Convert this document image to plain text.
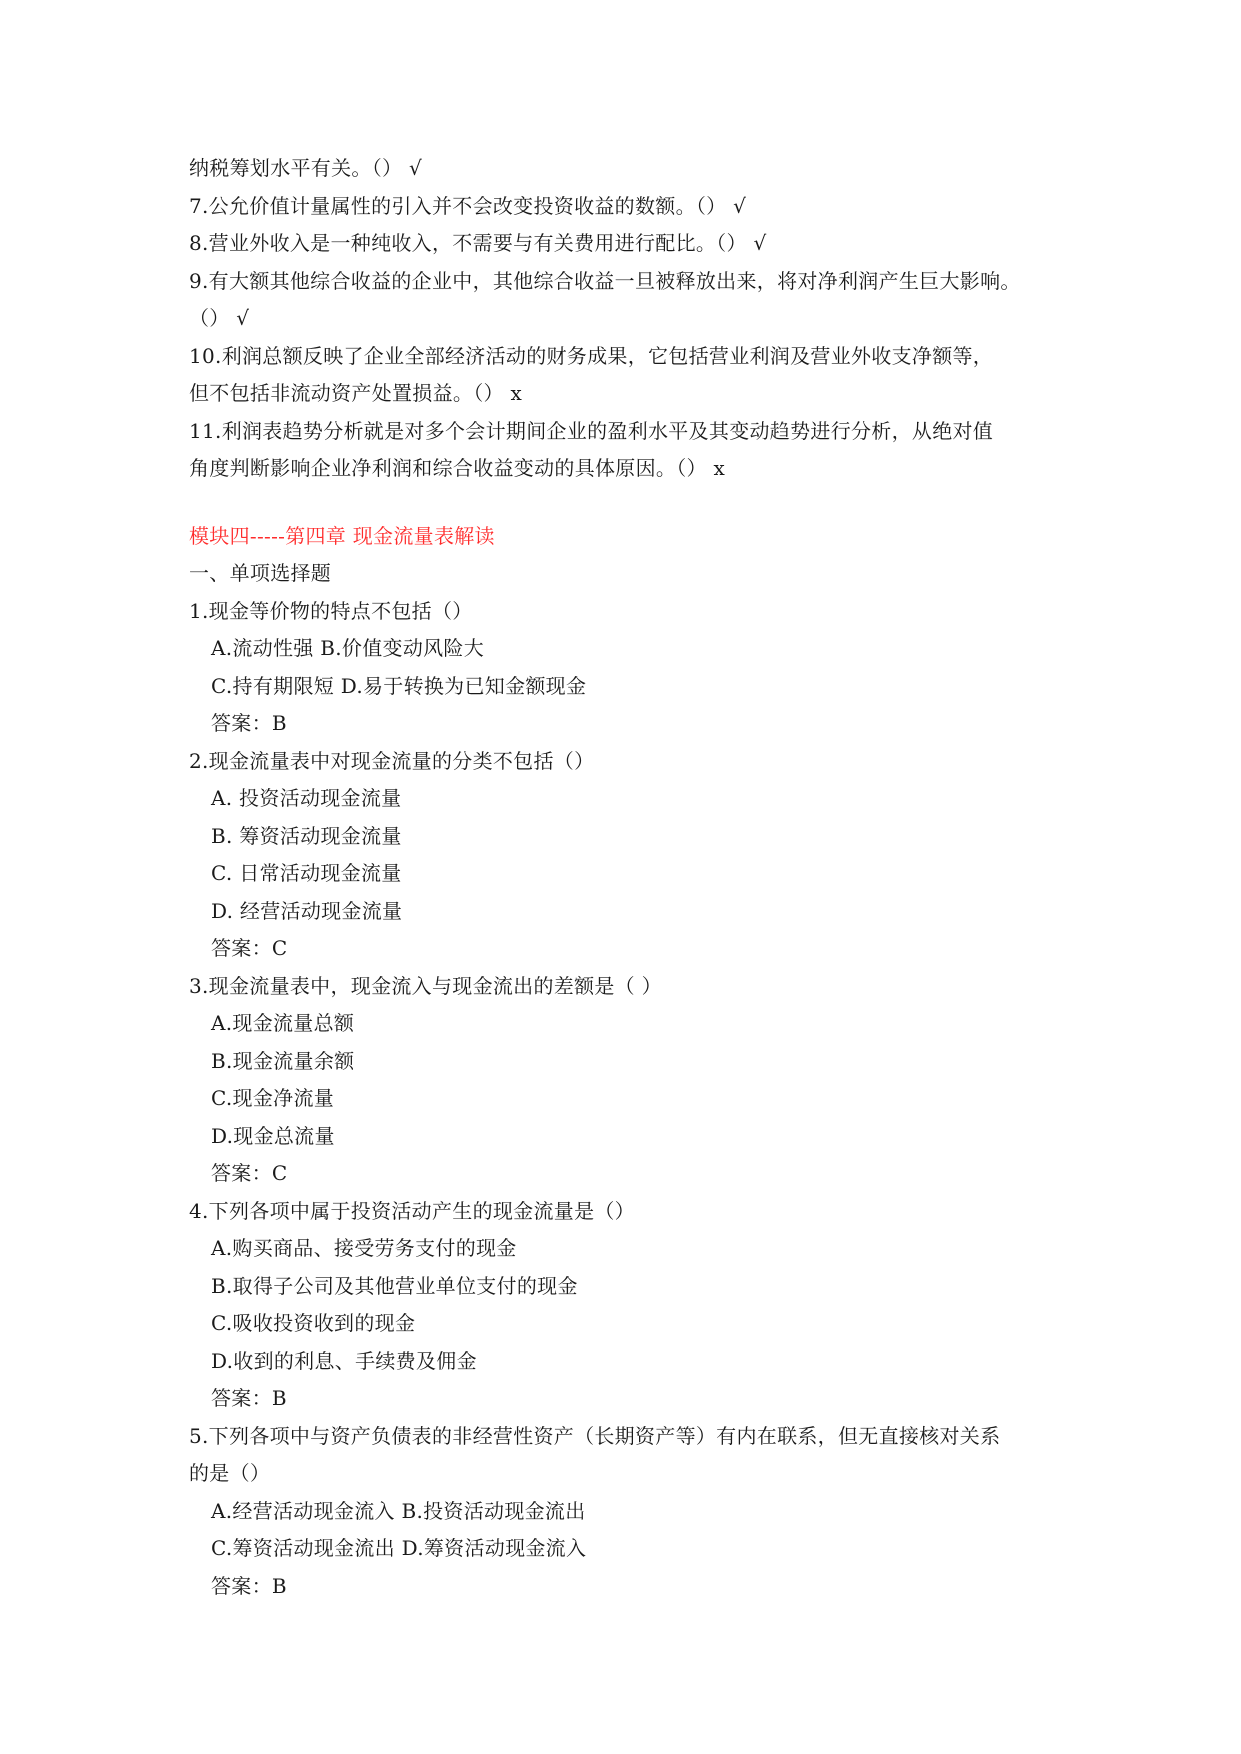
纳税筹划水平有关。（） √
7.公允价值计量属性的引入并不会改变投资收益的数额。（） √
8.营业外收入是一种纯收入，不需要与有关费用进行配比。（） √
9.有大额其他综合收益的企业中，其他综合收益一旦被释放出来，将对净利润产生巨大影响。
（） √
10.利润总额反映了企业全部经济活动的财务成果，它包括营业利润及营业外收支净额等，
但不包括非流动资产处置损益。（） x
11.利润表趋势分析就是对多个会计期间企业的盈利水平及其变动趋势进行分析，从绝对值
角度判断影响企业净利润和综合收益变动的具体原因。（） x
模块四-----第四章 现金流量表解读
一、单项选择题
1.现金等价物的特点不包括（）
A.流动性强 B.价值变动风险大
C.持有期限短 D.易于转换为已知金额现金
答案：B
2.现金流量表中对现金流量的分类不包括（）
A. 投资活动现金流量
B. 筹资活动现金流量
C. 日常活动现金流量
D. 经营活动现金流量
答案：C
3.现金流量表中，现金流入与现金流出的差额是（ ）
A.现金流量总额
B.现金流量余额
C.现金净流量
D.现金总流量
答案：C
4.下列各项中属于投资活动产生的现金流量是（）
A.购买商品、接受劳务支付的现金
B.取得子公司及其他营业单位支付的现金
C.吸收投资收到的现金
D.收到的利息、手续费及佣金
答案：B
5.下列各项中与资产负债表的非经营性资产（长期资产等）有内在联系，但无直接核对关系
的是（）
A.经营活动现金流入 B.投资活动现金流出
C.筹资活动现金流出 D.筹资活动现金流入
答案：B
